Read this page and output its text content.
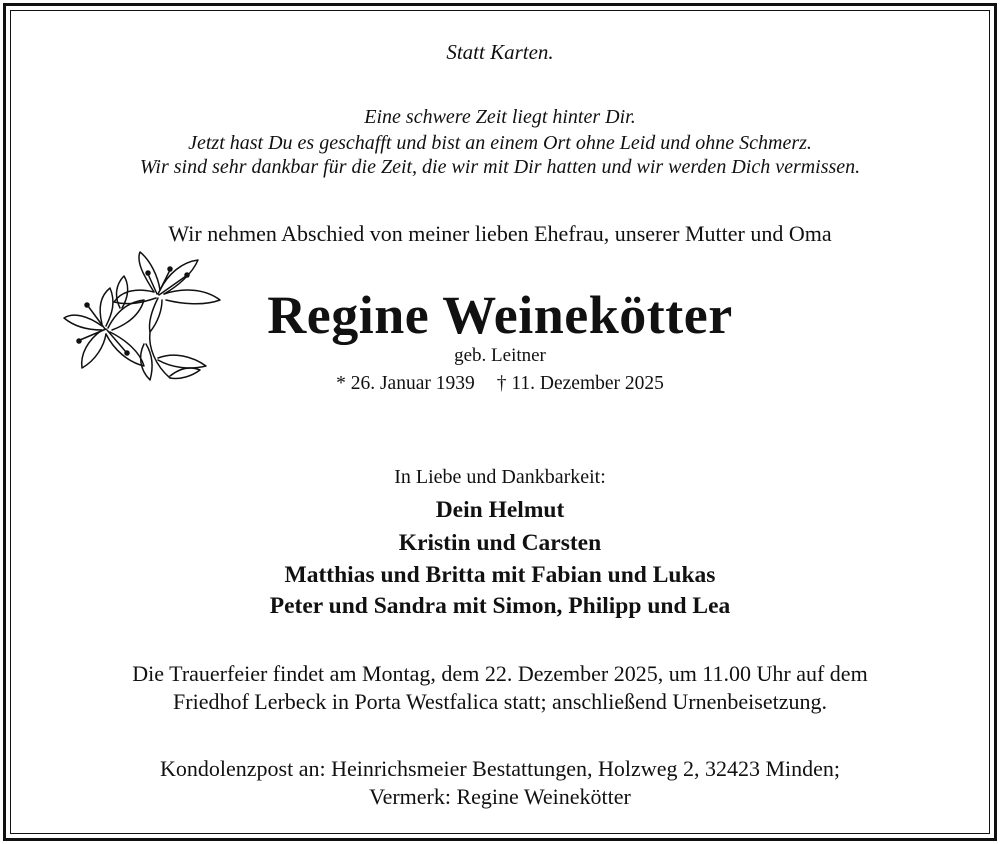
Statt Karten.
Eine schwere Zeit liegt hinter Dir.
Jetzt hast Du es geschafft und bist an einem Ort ohne Leid und ohne Schmerz.
Wir sind sehr dankbar für die Zeit, die wir mit Dir hatten und wir werden Dich vermissen.
Wir nehmen Abschied von meiner lieben Ehefrau, unserer Mutter und Oma
Regine Weinekötter
geb. Leitner
* 26. Januar 1939 † 11. Dezember 2025
In Liebe und Dankbarkeit:
Dein Helmut
Kristin und Carsten
Matthias und Britta mit Fabian und Lukas
Peter und Sandra mit Simon, Philipp und Lea
Die Trauerfeier findet am Montag, dem 22. Dezember 2025, um 11.00 Uhr auf dem
Friedhof Lerbeck in Porta Westfalica statt; anschließend Urnenbeisetzung.
Kondolenzpost an: Heinrichsmeier Bestattungen, Holzweg 2, 32423 Minden;
Vermerk: Regine Weinekötter
